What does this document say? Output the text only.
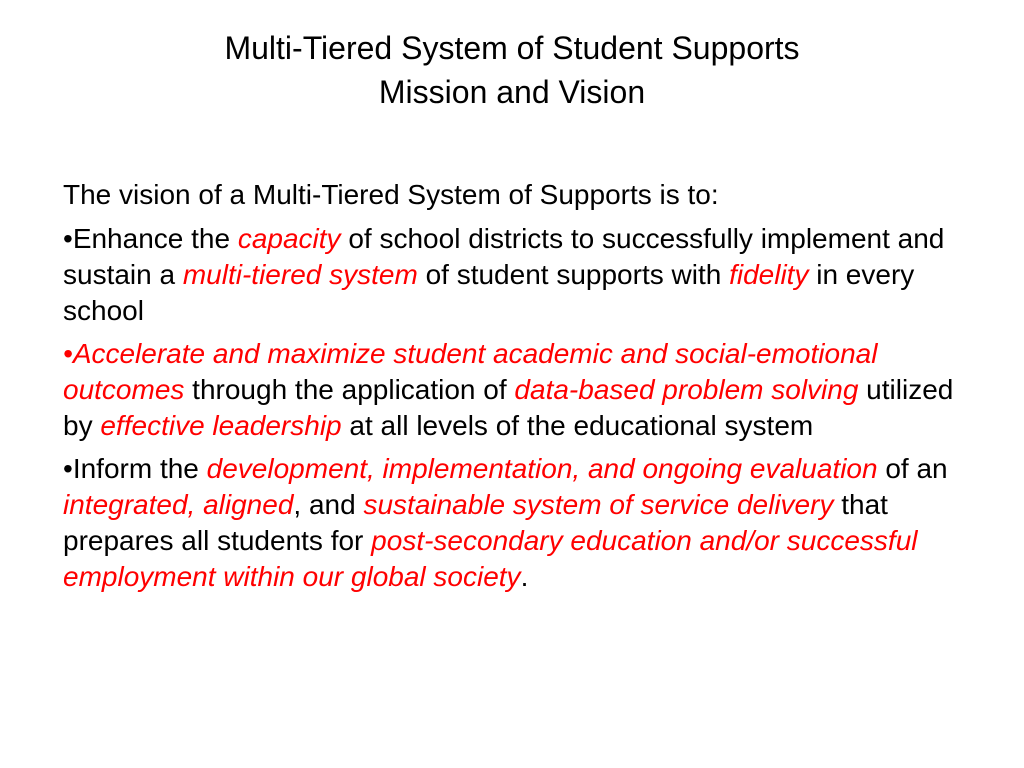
Multi-Tiered System of Student Supports
Mission and Vision
The vision of a Multi-Tiered System of Supports is to:
•Enhance the capacity of school districts to successfully implement and sustain a multi-tiered system of student supports with fidelity in every school
•Accelerate and maximize student academic and social-emotional outcomes through the application of data-based problem solving utilized by effective leadership at all levels of the educational system
•Inform the development, implementation, and ongoing evaluation of an integrated, aligned, and sustainable system of service delivery that prepares all students for post-secondary education and/or successful employment within our global society.
